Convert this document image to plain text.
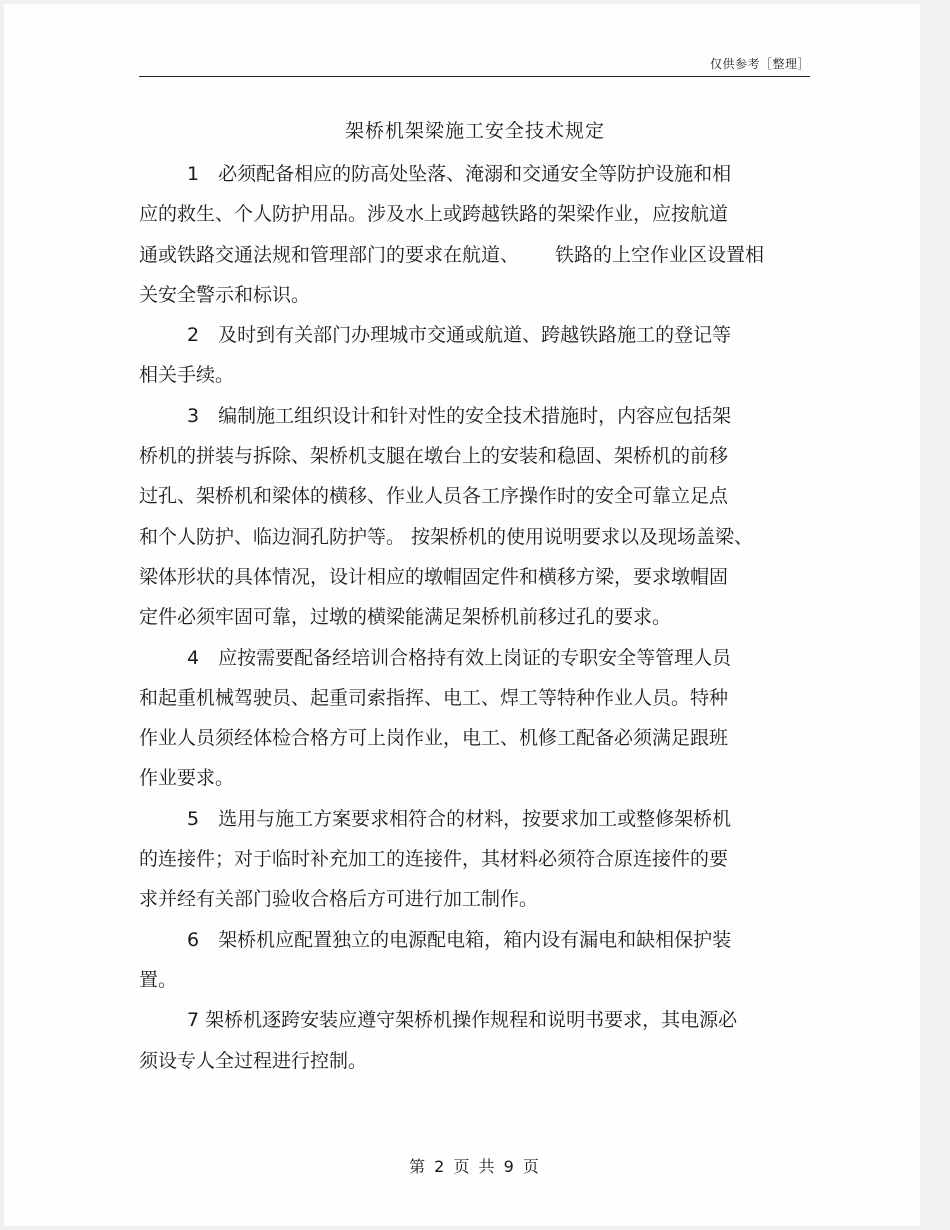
仅供参考［整理］
架桥机架梁施工安全技术规定

1　必须配备相应的防高处坠落、淹溺和交通安全等防护设施和相
应的救生、个人防护用品。涉及水上或跨越铁路的架梁作业，应按航道
通或铁路交通法规和管理部门的要求在航道、 铁路的上空作业区设置相
关安全警示和标识。

2　及时到有关部门办理城市交通或航道、跨越铁路施工的登记等
相关手续。

3　编制施工组织设计和针对性的安全技术措施时，内容应包括架
桥机的拼装与拆除、架桥机支腿在墩台上的安装和稳固、架桥机的前移
过孔、架桥机和梁体的横移、作业人员各工序操作时的安全可靠立足点
和个人防护、临边洞孔防护等。 按架桥机的使用说明要求以及现场盖梁、
梁体形状的具体情况，设计相应的墩帽固定件和横移方梁，要求墩帽固
定件必须牢固可靠，过墩的横梁能满足架桥机前移过孔的要求。

4　应按需要配备经培训合格持有效上岗证的专职安全等管理人员
和起重机械驾驶员、起重司索指挥、电工、焊工等特种作业人员。特种
作业人员须经体检合格方可上岗作业，电工、机修工配备必须满足跟班
作业要求。

5　选用与施工方案要求相符合的材料，按要求加工或整修架桥机
的连接件；对于临时补充加工的连接件，其材料必须符合原连接件的要
求并经有关部门验收合格后方可进行加工制作。

6　架桥机应配置独立的电源配电箱，箱内设有漏电和缺相保护装
置。

7 架桥机逐跨安装应遵守架桥机操作规程和说明书要求，其电源必
须设专人全过程进行控制。

第 2 页 共 9 页
